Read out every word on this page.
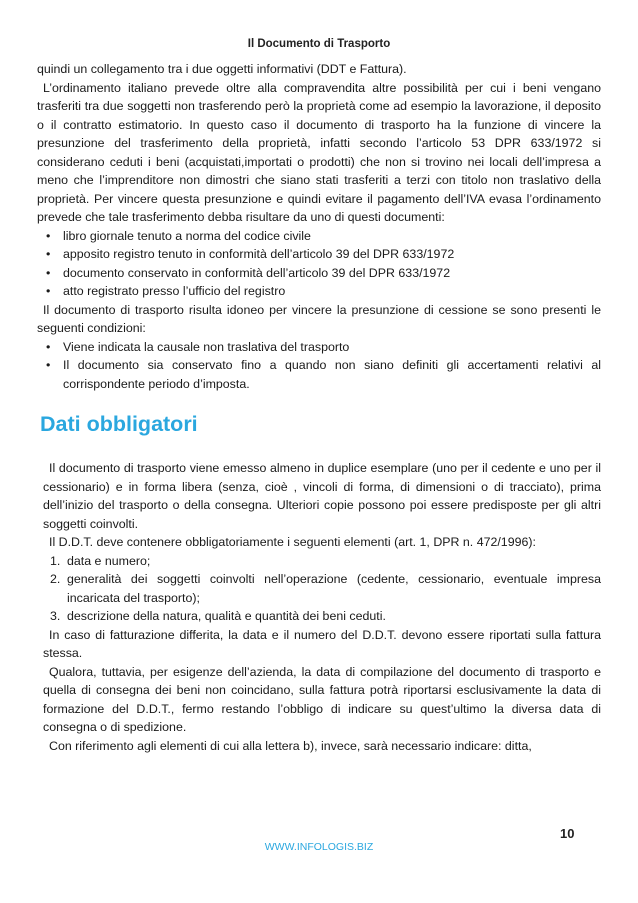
Il Documento di Trasporto

quindi un collegamento tra i due oggetti informativi (DDT e Fattura).

L’ordinamento italiano prevede oltre alla compravendita altre possibilità per cui i beni vengano trasferiti tra due soggetti non trasferendo però la proprietà come ad esempio la lavorazione, il deposito o il contratto estimatorio. In questo caso il documento di trasporto ha la funzione di vincere la presunzione del trasferimento della proprietà, infatti secondo l’articolo 53 DPR 633/1972 si considerano ceduti i beni (acquistati,importati o prodotti) che non si trovino nei locali dell’impresa a meno che l’imprenditore non dimostri che siano stati trasferiti a terzi con titolo non traslativo della proprietà. Per vincere questa presunzione e quindi evitare il pagamento dell’IVA evasa l’ordinamento prevede che tale trasferimento debba risultare da uno di questi documenti:

• libro giornale tenuto a norma del codice civile
• apposito registro tenuto in conformità dell’articolo 39 del DPR 633/1972
• documento conservato in conformità dell’articolo 39 del DPR 633/1972
• atto registrato presso l’ufficio del registro

Il documento di trasporto risulta idoneo per vincere la presunzione di cessione se sono presenti le seguenti condizioni:

• Viene indicata la causale non traslativa del trasporto
• Il documento sia conservato fino a quando non siano definiti gli accertamenti relativi al corrispondente periodo d’imposta.
Dati obbligatori

Il documento di trasporto viene emesso almeno in duplice esemplare (uno per il cedente e uno per il cessionario) e in forma libera (senza, cioè , vincoli di forma, di dimensioni o di tracciato), prima dell’inizio del trasporto o della consegna. Ulteriori copie possono poi essere predisposte per gli altri soggetti coinvolti.

Il D.D.T. deve contenere obbligatoriamente i seguenti elementi (art. 1, DPR n. 472/1996):

1. data e numero;
2. generalità dei soggetti coinvolti nell’operazione (cedente, cessionario, eventuale impresa incaricata del trasporto);
3. descrizione della natura, qualità e quantità dei beni ceduti.

In caso di fatturazione differita, la data e il numero del D.D.T. devono essere riportati sulla fattura stessa.

Qualora, tuttavia, per esigenze dell’azienda, la data di compilazione del documento di trasporto e quella di consegna dei beni non coincidano, sulla fattura potrà riportarsi esclusivamente la data di formazione del D.D.T., fermo restando l’obbligo di indicare su quest’ultimo la diversa data di consegna o di spedizione.

Con riferimento agli elementi di cui alla lettera b), invece, sarà necessario indicare: ditta,

10
WWW.INFOLOGIS.BIZ
